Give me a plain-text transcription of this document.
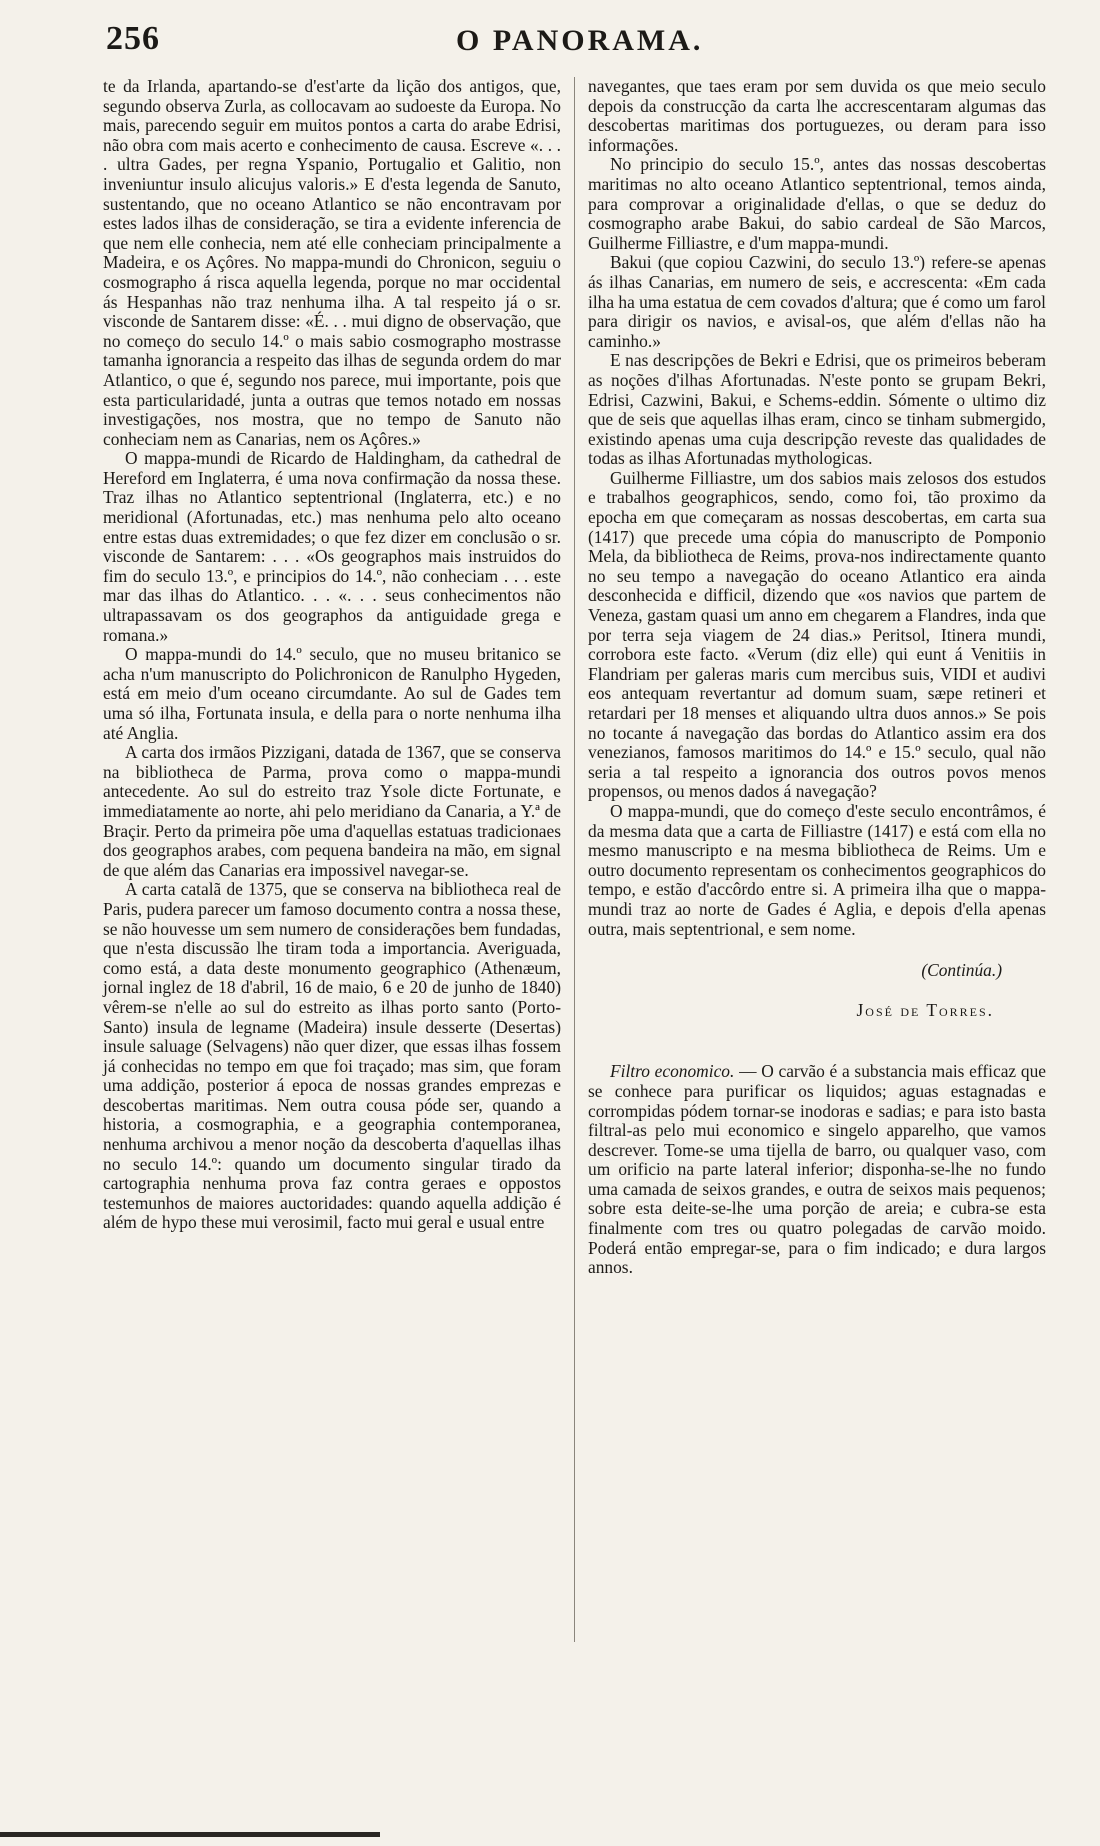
256	O PANORAMA.

te da Irlanda, apartando-se d'est'arte da lição dos antigos, que, segundo observa Zurla, as collocavam ao sudoeste da Europa. No mais, parecendo seguir em muitos pontos a carta do arabe Edrisi, não obra com mais acerto e conhecimento de causa. Escreve «. . . . ultra Gades, per regna Yspanio, Portugalio et Galitio, non inveniuntur insulo alicujus valoris.» E d'esta legenda de Sanuto, sustentando, que no oceano Atlantico se não encontravam por estes lados ilhas de consideração, se tira a evidente inferencia de que nem elle conhecia, nem até elle conheciam principalmente a Madeira, e os Açôres. No mappa-mundi do Chronicon, seguiu o cosmographo á risca aquella legenda, porque no mar occidental ás Hespanhas não traz nenhuma ilha. A tal respeito já o sr. visconde de Santarem disse: «É. . . mui digno de observação, que no começo do seculo 14.º o mais sabio cosmographo mostrasse tamanha ignorancia a respeito das ilhas de segunda ordem do mar Atlantico, o que é, segundo nos parece, mui importante, pois que esta particularidadé, junta a outras que temos notado em nossas investigações, nos mostra, que no tempo de Sanuto não conheciam nem as Canarias, nem os Açôres.»

O mappa-mundi de Ricardo de Haldingham, da cathedral de Hereford em Inglaterra, é uma nova confirmação da nossa these. Traz ilhas no Atlantico septentrional (Inglaterra, etc.) e no meridional (Afortunadas, etc.) mas nenhuma pelo alto oceano entre estas duas extremidades; o que fez dizer em conclusão o sr. visconde de Santarem: . . . «Os geographos mais instruidos do fim do seculo 13.º, e principios do 14.º, não conheciam . . . este mar das ilhas do Atlantico. . . «. . . seus conhecimentos não ultrapassavam os dos geographos da antiguidade grega e romana.»

O mappa-mundi do 14.º seculo, que no museu britanico se acha n'um manuscripto do Polichronicon de Ranulpho Hygeden, está em meio d'um oceano circumdante. Ao sul de Gades tem uma só ilha, Fortunata insula, e della para o norte nenhuma ilha até Anglia.

A carta dos irmãos Pizzigani, datada de 1367, que se conserva na bibliotheca de Parma, prova como o mappa-mundi antecedente. Ao sul do estreito traz Ysole dicte Fortunate, e immediatamente ao norte, ahi pelo meridiano da Canaria, a Y.ª de Braçir. Perto da primeira põe uma d'aquellas estatuas tradicionaes dos geographos arabes, com pequena bandeira na mão, em signal de que além das Canarias era impossivel navegar-se.

A carta catalã de 1375, que se conserva na bibliotheca real de Paris, pudera parecer um famoso documento contra a nossa these, se não houvesse um sem numero de considerações bem fundadas, que n'esta discussão lhe tiram toda a importancia. Averiguada, como está, a data deste monumento geographico (Athenæum, jornal inglez de 18 d'abril, 16 de maio, 6 e 20 de junho de 1840) vêrem-se n'elle ao sul do estreito as ilhas porto santo (Porto-Santo) insula de legname (Madeira) insule desserte (Desertas) insule saluage (Selvagens) não quer dizer, que essas ilhas fossem já conhecidas no tempo em que foi traçado; mas sim, que foram uma addição, posterior á epoca de nossas grandes emprezas e descobertas maritimas. Nem outra cousa póde ser, quando a historia, a cosmographia, e a geographia contemporanea, nenhuma archivou a menor noção da descoberta d'aquellas ilhas no seculo 14.º: quando um documento singular tirado da cartographia nenhuma prova faz contra geraes e oppostos testemunhos de maiores auctoridades: quando aquella addição é além de hypo these mui verosimil, facto mui geral e usual entre

navegantes, que taes eram por sem duvida os que meio seculo depois da construcção da carta lhe accrescentaram algumas das descobertas maritimas dos portuguezes, ou deram para isso informações.

No principio do seculo 15.º, antes das nossas descobertas maritimas no alto oceano Atlantico septentrional, temos ainda, para comprovar a originalidade d'ellas, o que se deduz do cosmographo arabe Bakui, do sabio cardeal de São Marcos, Guilherme Filliastre, e d'um mappa-mundi.

Bakui (que copiou Cazwini, do seculo 13.º) refere-se apenas ás ilhas Canarias, em numero de seis, e accrescenta: «Em cada ilha ha uma estatua de cem covados d'altura; que é como um farol para dirigir os navios, e avisal-os, que além d'ellas não ha caminho.»

E nas descripções de Bekri e Edrisi, que os primeiros beberam as noções d'ilhas Afortunadas. N'este ponto se grupam Bekri, Edrisi, Cazwini, Bakui, e Schems-eddin. Sómente o ultimo diz que de seis que aquellas ilhas eram, cinco se tinham submergido, existindo apenas uma cuja descripção reveste das qualidades de todas as ilhas Afortunadas mythologicas.

Guilherme Filliastre, um dos sabios mais zelosos dos estudos e trabalhos geographicos, sendo, como foi, tão proximo da epocha em que começaram as nossas descobertas, em carta sua (1417) que precede uma cópia do manuscripto de Pomponio Mela, da bibliotheca de Reims, prova-nos indirectamente quanto no seu tempo a navegação do oceano Atlantico era ainda desconhecida e difficil, dizendo que «os navios que partem de Veneza, gastam quasi um anno em chegarem a Flandres, inda que por terra seja viagem de 24 dias.» Peritsol, Itinera mundi, corrobora este facto. «Verum (diz elle) qui eunt á Venitiis in Flandriam per galeras maris cum mercibus suis, VIDI et audivi eos antequam revertantur ad domum suam, sæpe retineri et retardari per 18 menses et aliquando ultra duos annos.» Se pois no tocante á navegação das bordas do Atlantico assim era dos venezianos, famosos maritimos do 14.º e 15.º seculo, qual não seria a tal respeito a ignorancia dos outros povos menos propensos, ou menos dados á navegação?

O mappa-mundi, que do começo d'este seculo encontrâmos, é da mesma data que a carta de Filliastre (1417) e está com ella no mesmo manuscripto e na mesma bibliotheca de Reims. Um e outro documento representam os conhecimentos geographicos do tempo, e estão d'accôrdo entre si. A primeira ilha que o mappa-mundi traz ao norte de Gades é Aglia, e depois d'ella apenas outra, mais septentrional, e sem nome.

(Continúa.)

José de Torres.

Filtro economico. — O carvão é a substancia mais efficaz que se conhece para purificar os liquidos; aguas estagnadas e corrompidas pódem tornar-se inodoras e sadias; e para isto basta filtral-as pelo mui economico e singelo apparelho, que vamos descrever. Tome-se uma tijella de barro, ou qualquer vaso, com um orificio na parte lateral inferior; disponha-se-lhe no fundo uma camada de seixos grandes, e outra de seixos mais pequenos; sobre esta deite-se-lhe uma porção de areia; e cubra-se esta finalmente com tres ou quatro polegadas de carvão moido. Poderá então empregar-se, para o fim indicado; e dura largos annos.
